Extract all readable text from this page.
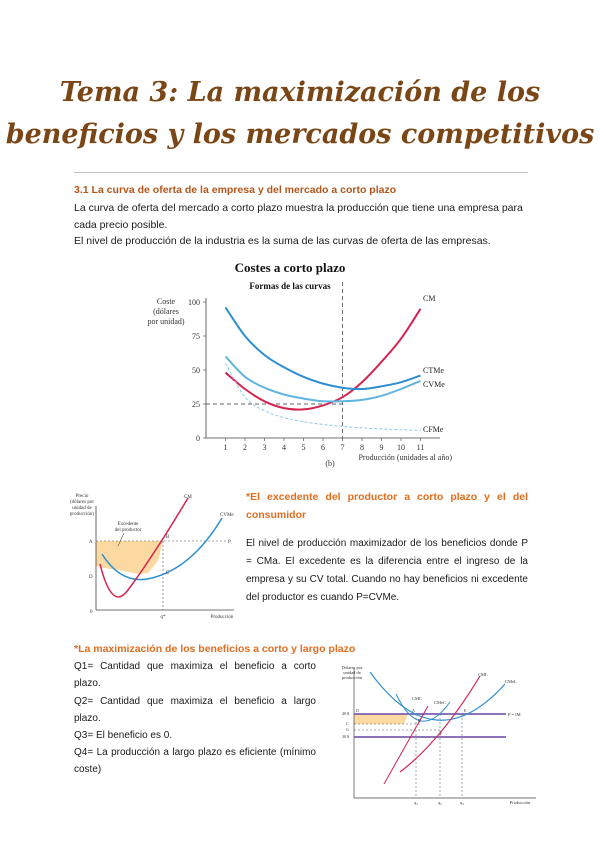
Tema 3: La maximización de los
beneficios y los mercados competitivos
3.1 La curva de oferta de la empresa y del mercado a corto plazo
La curva de oferta del mercado a corto plazo muestra la producción que tiene una empresa para cada precio posible.
El nivel de producción de la industria es la suma de las curvas de oferta de las empresas.
Costes a corto plazo
Formas de las curvas
Coste
(dólares
por unidad)
0
25
50
75
100
1 2 3 4 5 6 7 8 9 10 11
CM
CTMe
CVMe
CFMe
Producción (unidades al año)
(b)
Precio
(dólares por
unidad de
producción)
CM
CVMe
Excedente
del productor
A
D
0
B
C
P
q*	Producción
*El excedente del productor a corto plazo y el del consumidor
El nivel de producción maximizador de los beneficios donde P = CMa. El excedente es la diferencia entre el ingreso de la empresa y su CV total. Cuando no hay beneficios ni excedente del productor es cuando P=CVMe.
*La maximización de los beneficios a corto y largo plazo
Q1= Cantidad que maximiza el beneficio a corto plazo.
Q2= Cantidad que maximiza el beneficio a largo plazo.
Q3= El beneficio es 0.
Q4= La producción a largo plazo es eficiente (mínimo coste)
Dólares por
unidad de
producción
CML
CMeL
CMC
CMeC
P = IM
40 $
C
G
30 $
D	A
B
E
F
q₁	q₂	q₃	Producción
